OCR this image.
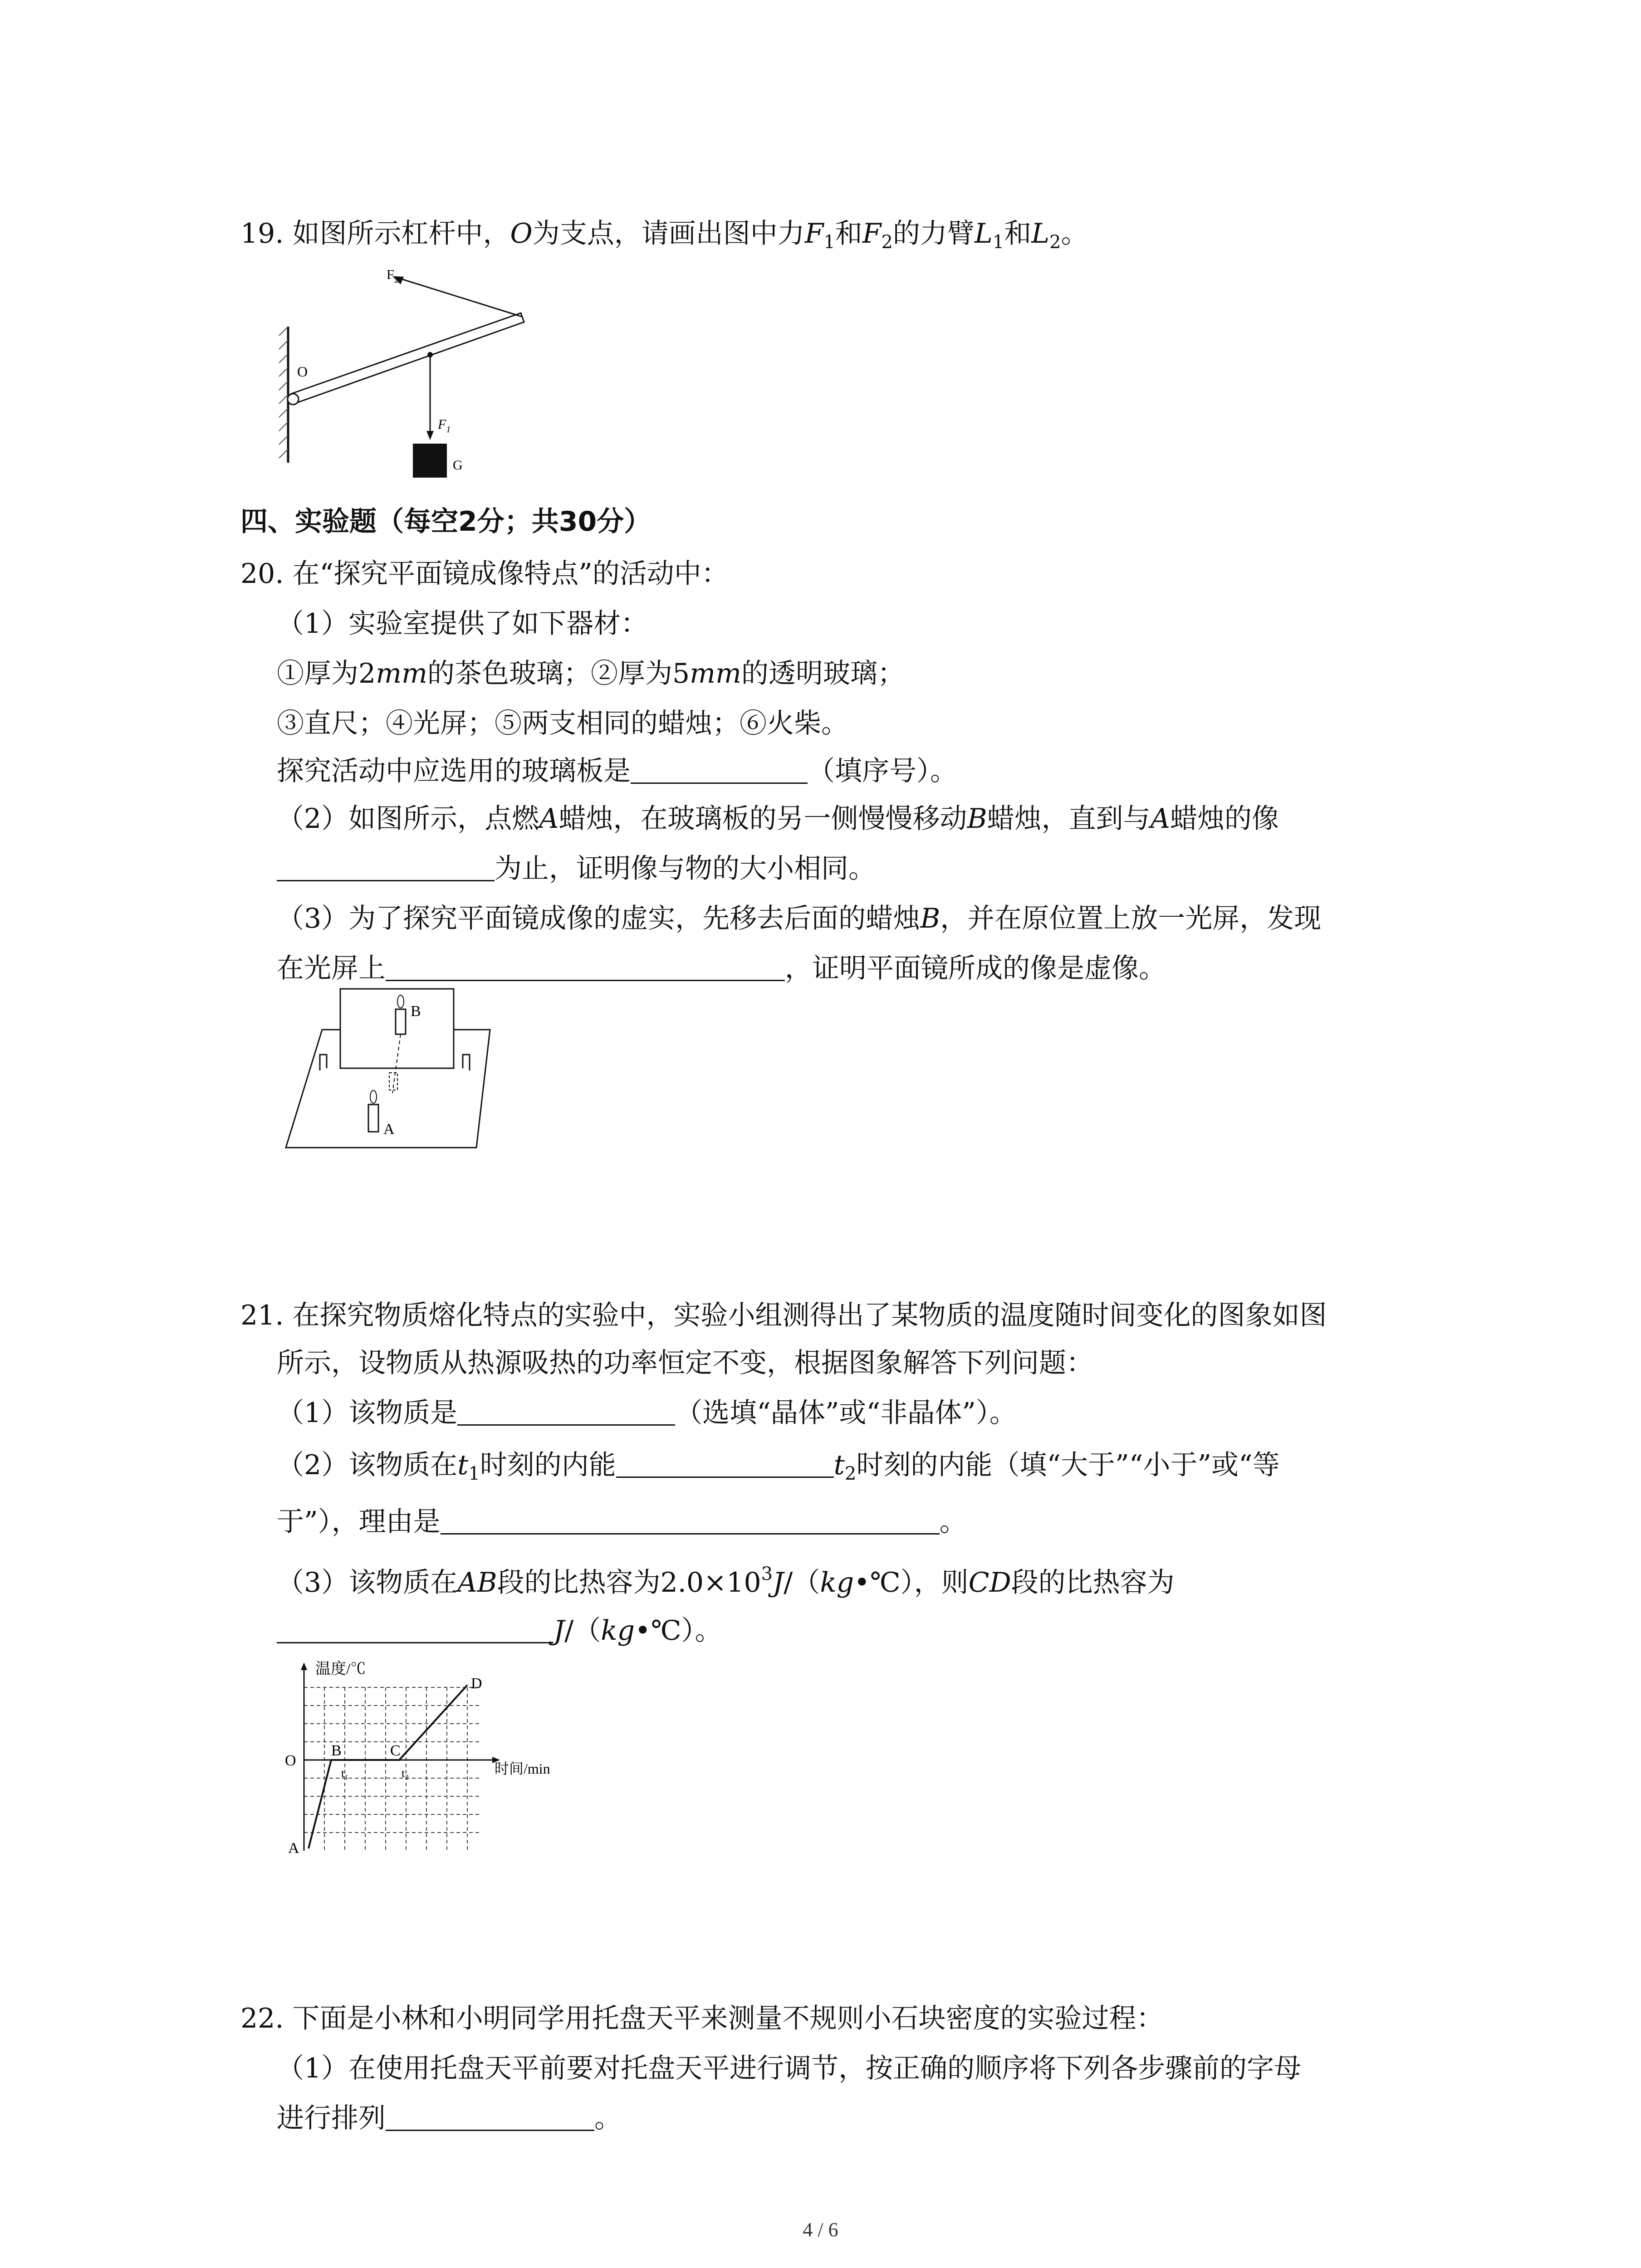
19. 如图所示杠杆中，O为支点，请画出图中力$F_1$和$F_2$的力臂$L_1$和$L_2$。
$F_2$
O
$F_1$
G
四、实验题（每空2分；共30分）
20. 在“探究平面镜成像特点”的活动中：
（1）实验室提供了如下器材：
①厚为2mm的茶色玻璃；②厚为5mm的透明玻璃；
③直尺；④光屏；⑤两支相同的蜡烛；⑥火柴。
探究活动中应选用的玻璃板是	（填序号）。
（2）如图所示，点燃A蜡烛，在玻璃板的另一侧慢慢移动B蜡烛，直到与A蜡烛的像
为止，证明像与物的大小相同。
（3）为了探究平面镜成像的虚实，先移去后面的蜡烛B，并在原位置上放一光屏，发现
在光屏上	，证明平面镜所成的像是虚像。
B
A
21. 在探究物质熔化特点的实验中，实验小组测得出了某物质的温度随时间变化的图象如图
所示，设物质从热源吸热的功率恒定不变，根据图象解答下列问题：
（1）该物质是	（选填“晶体”或“非晶体”）。
（2）该物质在$t_1$时刻的内能	$t_2$时刻的内能（填“大于”“小于”或“等
于”），理由是	。
（3）该物质在AB段的比热容为$2.0\times 10^3J/(kg•℃)$，则CD段的比热容为
J/（kg•℃）。
温度/℃
时间/min
O
A
B	C
D
t₁	t₂
22. 下面是小林和小明同学用托盘天平来测量不规则小石块密度的实验过程：
（1）在使用托盘天平前要对托盘天平进行调节，按正确的顺序将下列各步骤前的字母
进行排列	。
4 / 6
